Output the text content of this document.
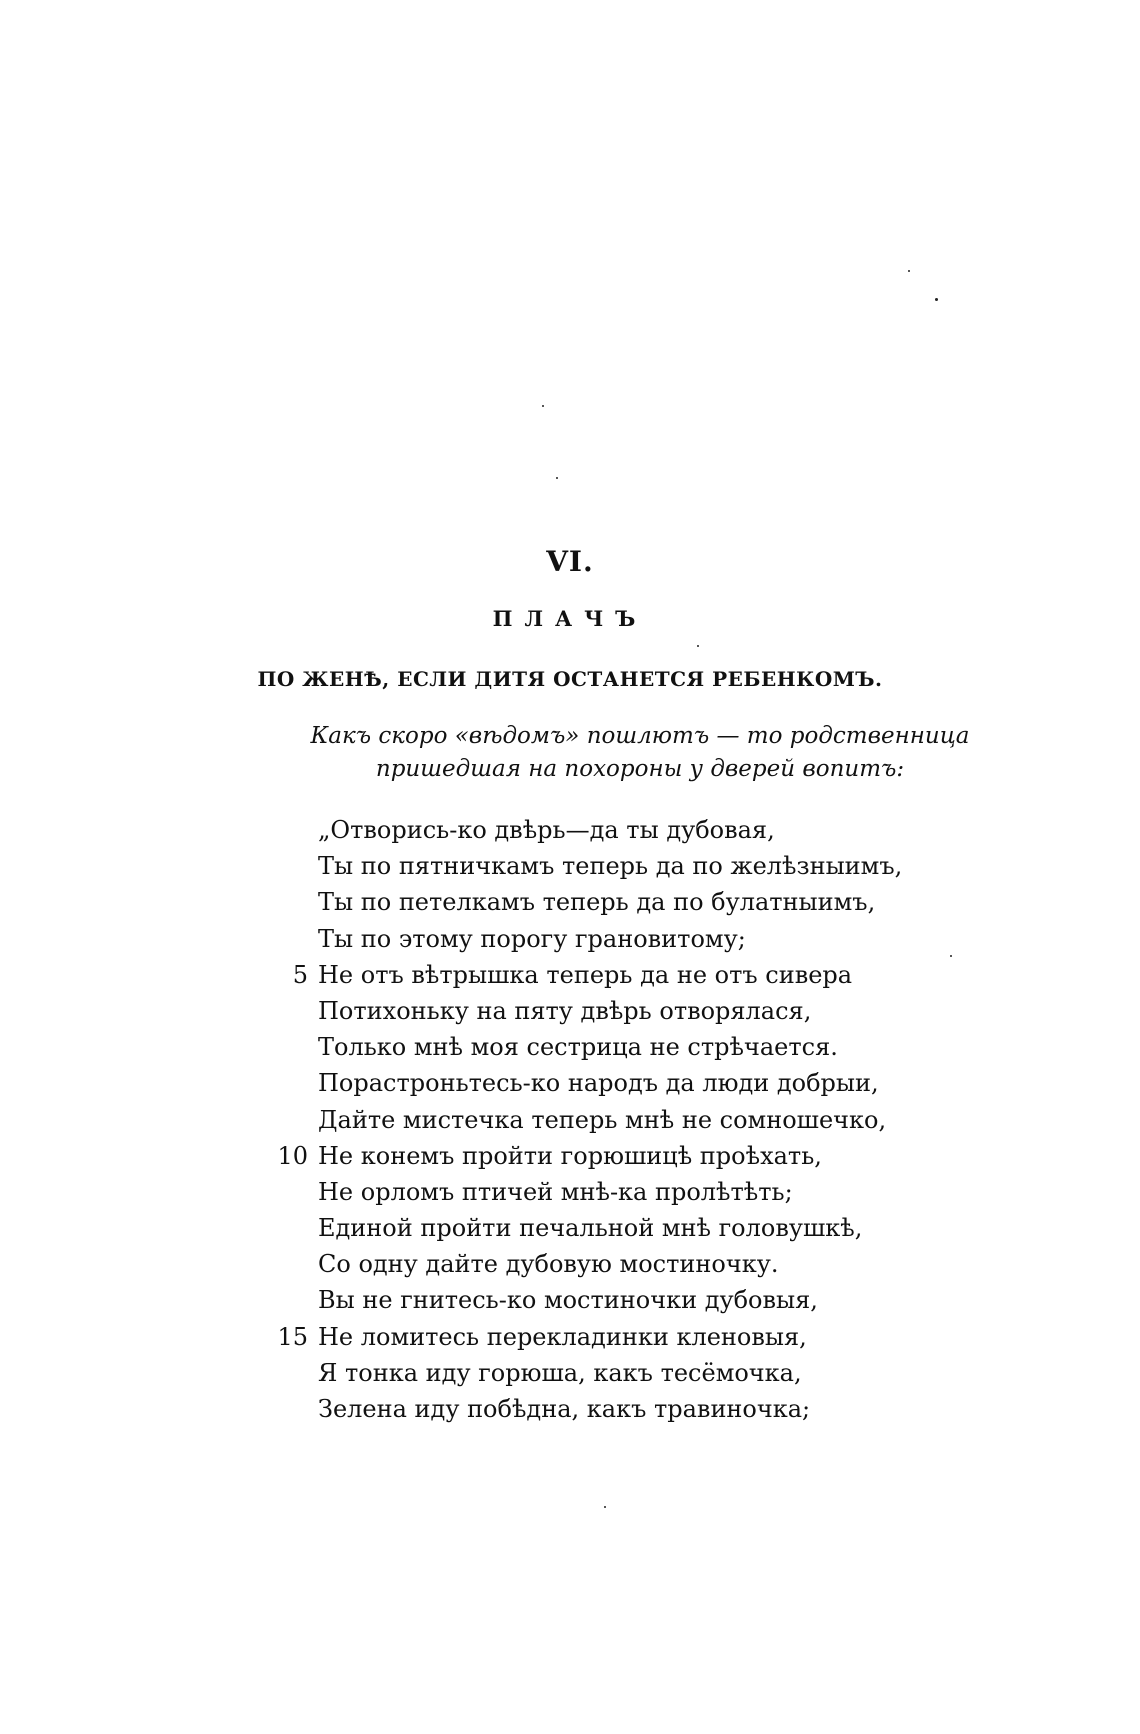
VI.
ПЛАЧЪ
ПО ЖЕНѢ, ЕСЛИ ДИТЯ ОСТАНЕТСЯ РЕБЕНКОМЪ.
Какъ скоро «вѣдомъ» пошлютъ — то родственница пришедшая на похороны у дверей вопитъ:
„Отворись-ко двѣрь—да ты дубовая,
Ты по пятничкамъ теперь да по желѣзныимъ,
Ты по петелкамъ теперь да по булатныимъ,
Ты по этому порогу грановитому;
5 Не отъ вѣтрышка теперь да не отъ сивера
Потихоньку на пяту двѣрь отворялася,
Только мнѣ моя сестрица не стрѣчается.
Порастроньтесь-ко народъ да люди добрыи,
Дайте мистечка теперь мнѣ не сомношечко,
10 Не конемъ пройти горюшицѣ проѣхать,
Не орломъ птичей мнѣ-ка пролѣтѣть;
Единой пройти печальной мнѣ головушкѣ,
Со одну дайте дубовую мостиночку.
Вы не гнитесь-ко мостиночки дубовыя,
15 Не ломитесь перекладинки кленовыя,
Я тонка иду горюша, какъ тесёмочка,
Зелена иду побѣдна, какъ травиночка;
